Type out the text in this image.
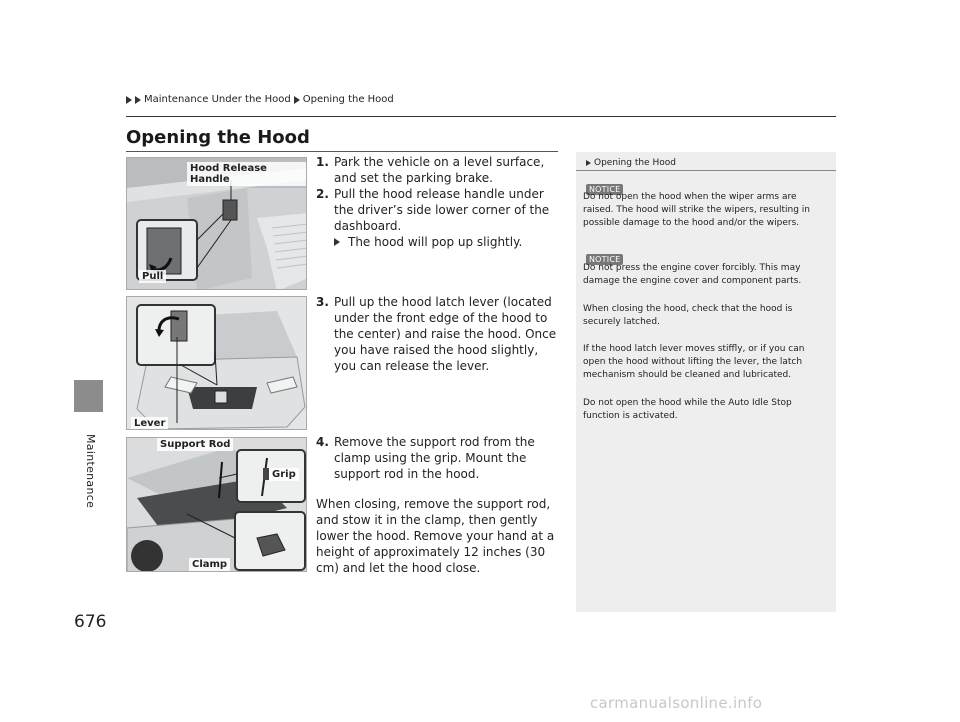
Maintenance Under the Hood Opening the Hood
Opening the Hood
Maintenance
676
Hood Release Handle
Pull
Lever
Support Rod
Grip
Clamp
1. Park the vehicle on a level surface, and set the parking brake.
2. Pull the hood release handle under the driver’s side lower corner of the dashboard.
The hood will pop up slightly.
3. Pull up the hood latch lever (located under the front edge of the hood to the center) and raise the hood. Once you have raised the hood slightly, you can release the lever.
4. Remove the support rod from the clamp using the grip. Mount the support rod in the hood.
When closing, remove the support rod, and stow it in the clamp, then gently lower the hood. Remove your hand at a height of approximately 12 inches (30 cm) and let the hood close.
Opening the Hood
NOTICE
Do not open the hood when the wiper arms are raised. The hood will strike the wipers, resulting in possible damage to the hood and/or the wipers.
NOTICE
Do not press the engine cover forcibly. This may damage the engine cover and component parts.
When closing the hood, check that the hood is securely latched.
If the hood latch lever moves stiffly, or if you can open the hood without lifting the lever, the latch mechanism should be cleaned and lubricated.
Do not open the hood while the Auto Idle Stop function is activated.
carmanualsonline.info
